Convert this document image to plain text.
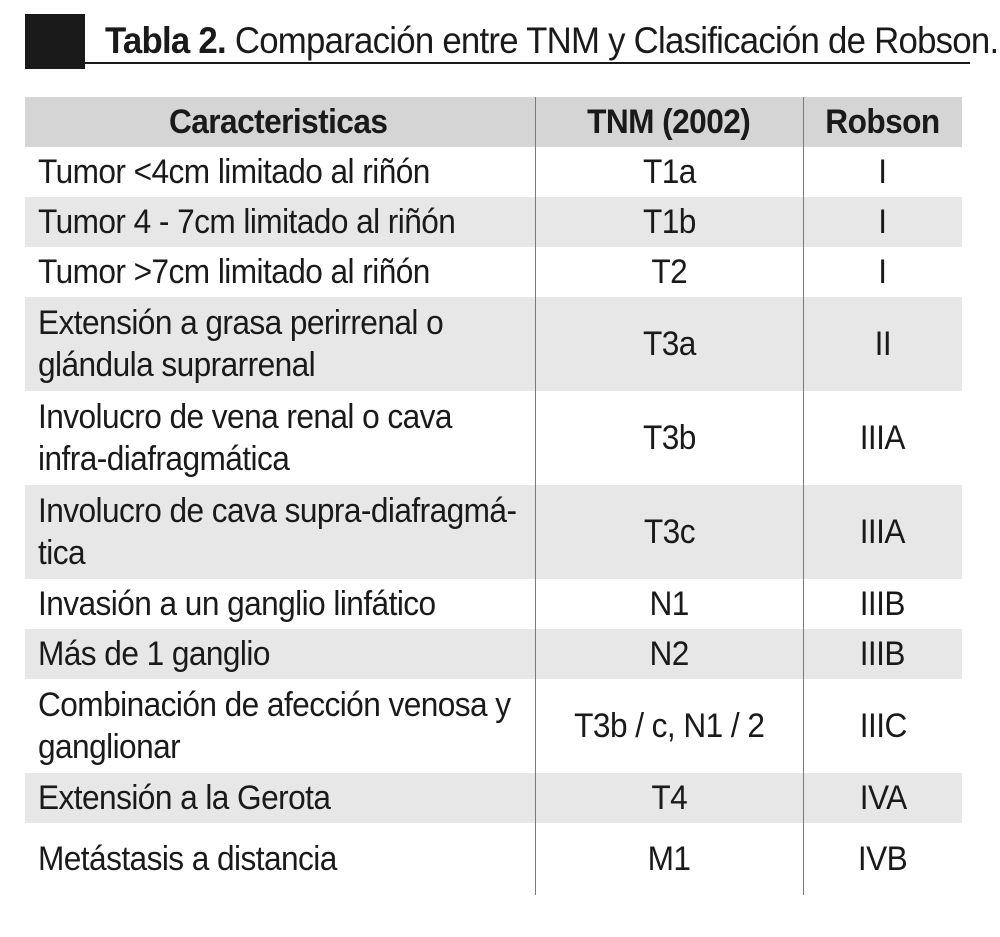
Tabla 2. Comparación entre TNM y Clasificación de Robson.
Caracteristicas	TNM (2002)	Robson
Tumor <4cm limitado al riñón	T1a	I
Tumor 4 - 7cm limitado al riñón	T1b	I
Tumor >7cm limitado al riñón	T2	I
Extensión a grasa perirrenal o
glándula suprarrenal	T3a	II
Involucro de vena renal o cava
infra-diafragmática	T3b	IIIA
Involucro de cava supra-diafragmá-
tica	T3c	IIIA
Invasión a un ganglio linfático	N1	IIIB
Más de 1 ganglio	N2	IIIB
Combinación de afección venosa y
ganglionar	T3b / c, N1 / 2	IIIC
Extensión a la Gerota	T4	IVA
Metástasis a distancia	M1	IVB
